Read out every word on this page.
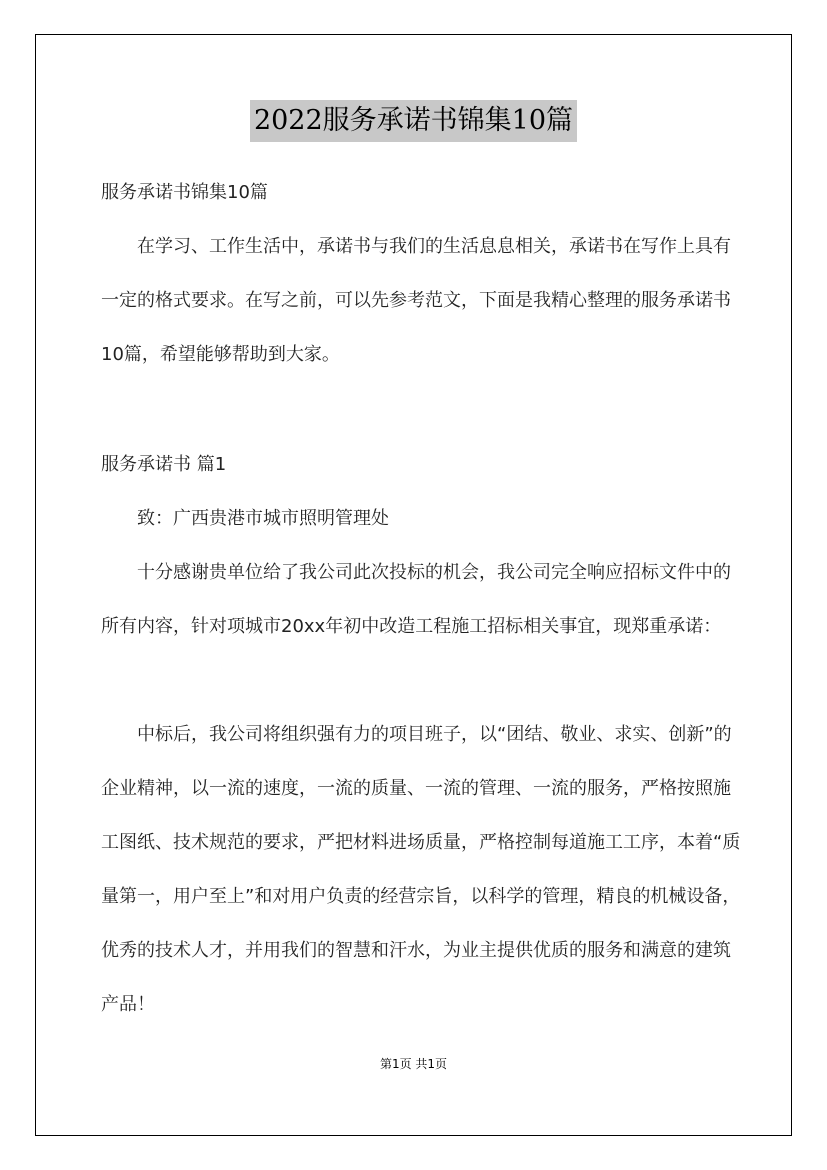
2022服务承诺书锦集10篇

服务承诺书锦集10篇

在学习、工作生活中，承诺书与我们的生活息息相关，承诺书在写作上具有一定的格式要求。在写之前，可以先参考范文，下面是我精心整理的服务承诺书10篇，希望能够帮助到大家。

服务承诺书 篇1

致：广西贵港市城市照明管理处

十分感谢贵单位给了我公司此次投标的机会，我公司完全响应招标文件中的所有内容，针对项城市20xx年初中改造工程施工招标相关事宜，现郑重承诺：

中标后，我公司将组织强有力的项目班子，以“团结、敬业、求实、创新”的企业精神，以一流的速度，一流的质量、一流的管理、一流的服务，严格按照施工图纸、技术规范的要求，严把材料进场质量，严格控制每道施工工序，本着“质量第一，用户至上”和对用户负责的经营宗旨，以科学的管理，精良的机械设备，优秀的技术人才，并用我们的智慧和汗水，为业主提供优质的服务和满意的建筑产品！

第1页 共1页
